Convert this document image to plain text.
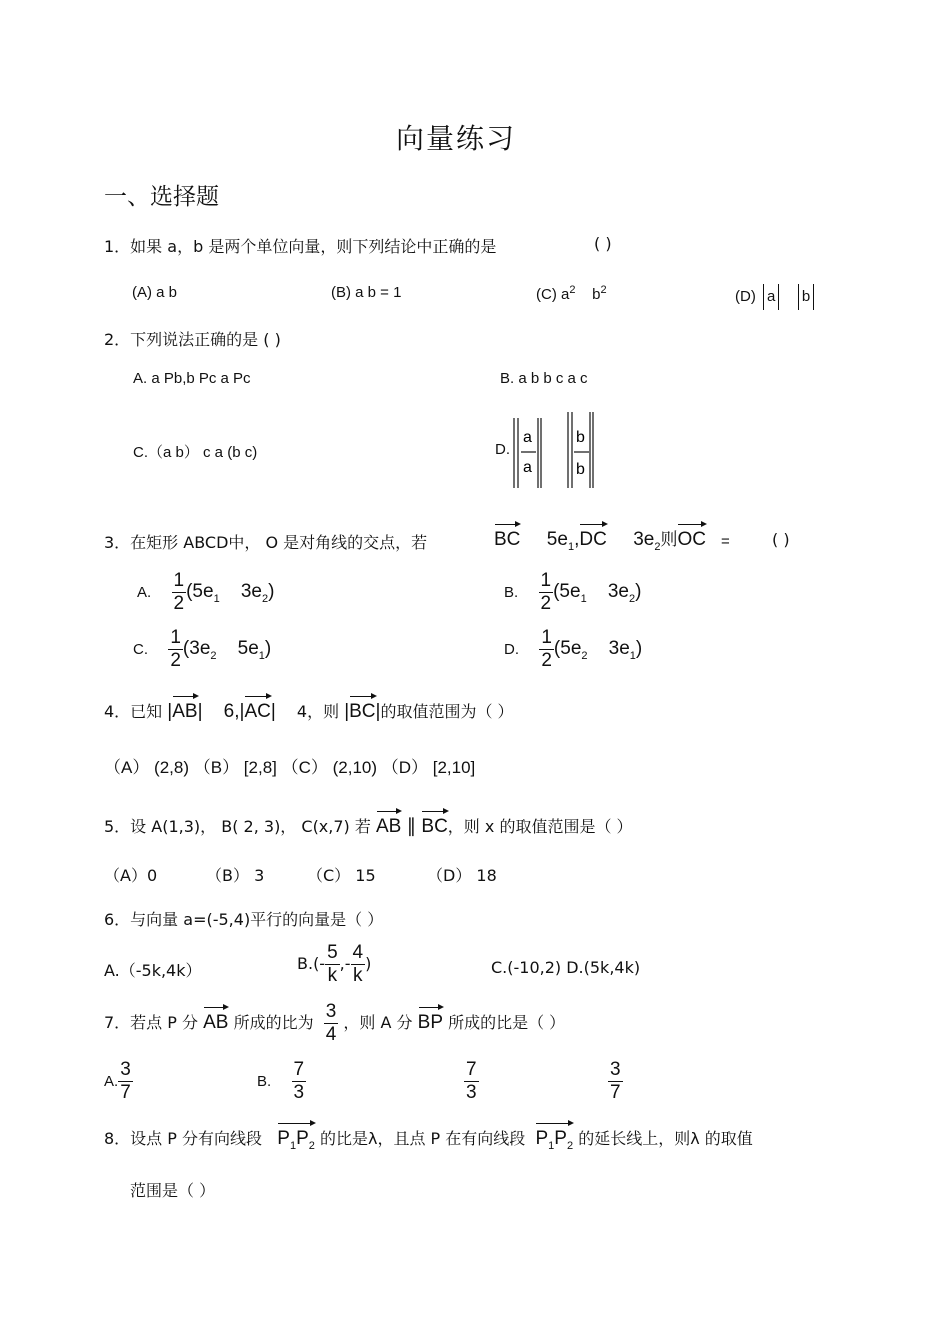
向量练习
一、选择题
1．如果 a，b 是两个单位向量，则下列结论中正确的是	( )
(A) a b	(B) a b = 1	(C) $a^2$ $b^2$	(D) a b
2．下列说法正确的是 ( )
A. a Pb,b Pc a Pc	B. a b b c a c
C.（a b） c a (b c)	D.
a
a
b
b
3．在矩形 ABCD中， O 是对角线的交点，若	BC     $5e_1,DC$     $3e_2$则OC =	( )
A. $\frac{1}{2} (5e_1$    $3e_2$)	B. $\frac{1}{2} (5e_1$    $3e_2$)
C. $\frac{1}{2} (3e_2$    $5e_1$)	D. $\frac{1}{2} (5e_2$    $3e_1$)
4．已知 |AB|    6,|AC|    4，则 |BC|的取值范围为（ ）
（A） (2,8) （B） [2,8] （C） (2,10) （D） [2,10]
5．设 A(1,3)， B( 2, 3)， C(x,7) 若 AB ∥ BC，则 x 的取值范围是（ ）
（A）0	（B） 3	（C） 15	（D） 18
6．与向量 a=(-5,4)平行的向量是（ ）
A.（-5k,4k）	$B.(- \frac{5}{k}$ ,- $\frac{4}{k}$ )	C.(-10,2) D.(5k,4k)
7．若点 P 分 AB 所成的比为 $\frac{3}{4}$ ，则 A 分 BP 所成的比是（ ）
A. $\frac{3}{7}$	B. $\frac{7}{3}$	$\frac{7}{3}$	$\frac{3}{7}$
8．设点 P 分有向线段 $P_1P_2$ 的比是λ，且点 P 在有向线段 $P_1P_2$ 的延长线上，则λ 的取值
范围是（ ）
